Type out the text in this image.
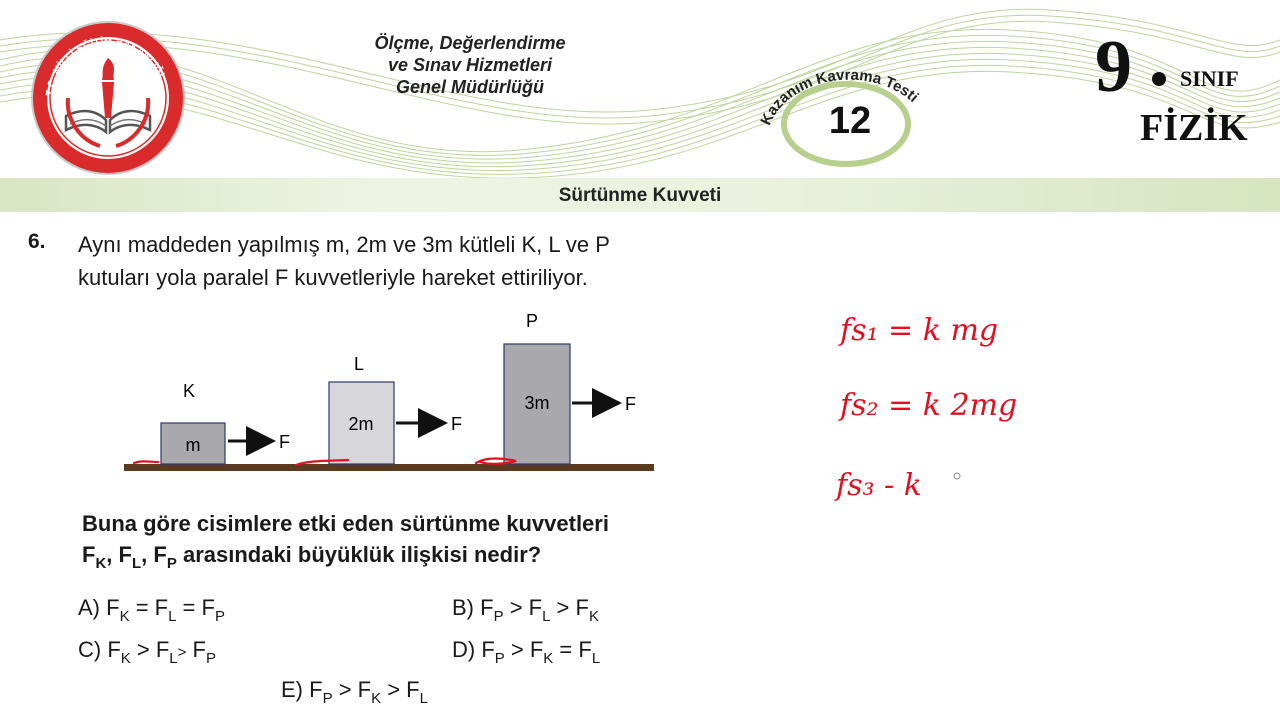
T.C. MİLLİ EĞİTİM BAKANLIĞI
Ölçme, Değerlendirme
ve Sınav Hizmetleri
Genel Müdürlüğü
Kazanım Kavrama Testi
12
9 SINIF
FİZİK
Sürtünme Kuvveti
6. Aynı maddeden yapılmış m, 2m ve 3m kütleli K, L ve P
kutuları yola paralel F kuvvetleriyle hareket ettiriliyor.
K
m	F
L
2m	F
P
3m	F
Buna göre cisimlere etki eden sürtünme kuvvetleri
$F_K$, $F_L$, $F_P$ arasındaki büyüklük ilişkisi nedir?
A) $F_K = F_L = F_P$	B) $F_P > F_L > F_K$
C) $F_K > F_L> F_P$	D) $F_P > F_K = F_L$
E) $F_P > F_K > F_L$
fs₁ = k mg
fs₂ = k 2mg
fs₃ - k
